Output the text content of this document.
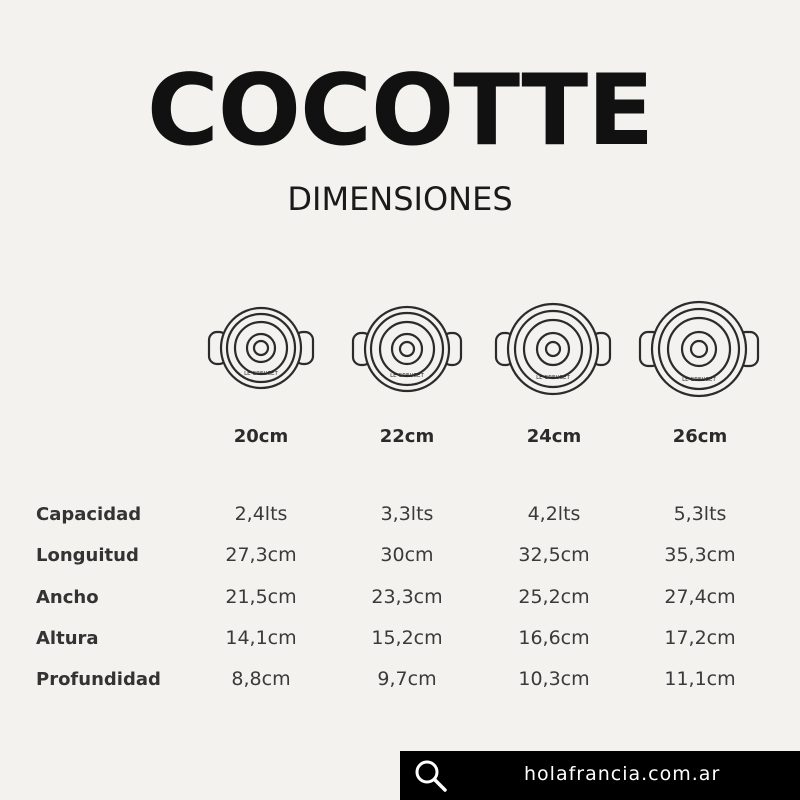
COCOTTE
DIMENSIONES
LE CREUSET	LE CREUSET	LE CREUSET	LE CREUSET
20cm	22cm	24cm	26cm
Capacidad	2,4lts	3,3lts	4,2lts	5,3lts
Longuitud	27,3cm	30cm	32,5cm	35,3cm
Ancho	21,5cm	23,3cm	25,2cm	27,4cm
Altura	14,1cm	15,2cm	16,6cm	17,2cm
Profundidad	8,8cm	9,7cm	10,3cm	11,1cm
holafrancia.com.ar
